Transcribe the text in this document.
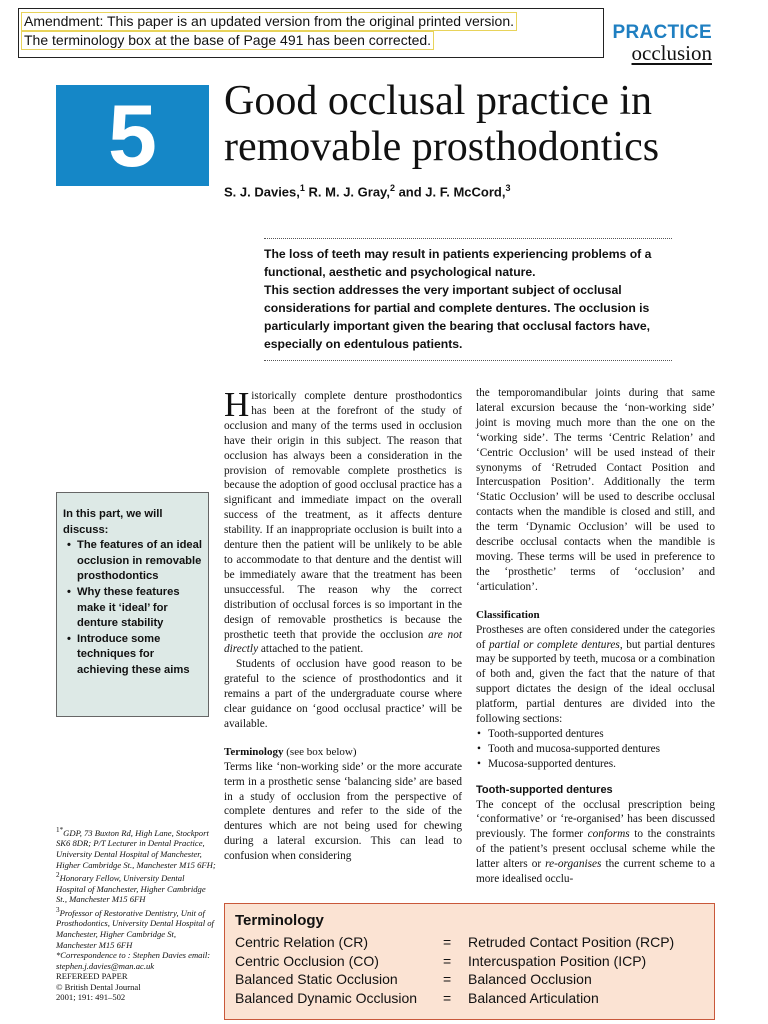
Amendment: This paper is an updated version from the original printed version.
The terminology box at the base of Page 491 has been corrected.	PRACTICE
occlusion
5 Good occlusal practice in removable prosthodontics
S. J. Davies,$^1$ R. M. J. Gray,$^2$ and J. F. McCord,$^3$

The loss of teeth may result in patients experiencing problems of a functional, aesthetic and psychological nature.

This section addresses the very important subject of occlusal considerations for partial and complete dentures. The occlusion is particularly important given the bearing that occlusal factors have, especially on edentulous patients.

In this part, we will discuss:
• The features of an ideal occlusion in removable prosthodontics
• Why these features make it ‘ideal’ for denture stability
• Introduce some techniques for achieving these aims
$^{1*}$GDP, 73 Buxton Rd, High Lane, Stockport SK6 8DR; P/T Lecturer in Dental Practice, University Dental Hospital of Manchester, Higher Cambridge St., Manchester M15 6FH;
$^2$Honorary Fellow, University Dental Hospital of Manchester, Higher Cambridge St., Manchester M15 6FH
$^3$Professor of Restorative Dentistry, Unit of Prosthodontics, University Dental Hospital of Manchester, Higher Cambridge St, Manchester M15 6FH
*Correspondence to : Stephen Davies email: stephen.j.davies@man.ac.uk
REFEREED PAPER
© British Dental Journal
2001; 191: 491–502

Historically complete denture prosthodontics has been at the forefront of the study of occlusion and many of the terms used in occlusion have their origin in this subject. The reason that occlusion has always been a consideration in the provision of removable complete prosthetics is because the adoption of good occlusal practice has a significant and immediate impact on the overall success of the treatment, as it affects denture stability. If an inappropriate occlusion is built into a denture then the patient will be unlikely to be able to accommodate to that denture and the dentist will be immediately aware that the treatment has been unsuccessful. The reason why the correct distribution of occlusal forces is so important in the design of removable prosthetics is because the prosthetic teeth that provide the occlusion are not directly attached to the patient.

Students of occlusion have good reason to be grateful to the science of prosthodontics and it remains a part of the undergraduate course where clear guidance on ‘good occlusal practice’ will be available.

Terminology (see box below)

Terms like ‘non-working side’ or the more accurate term in a prosthetic sense ‘balancing side’ are based in a study of occlusion from the perspective of complete dentures and refer to the side of the dentures which are not being used for chewing during a lateral excursion. This can lead to confusion when considering

the temporomandibular joints during that same lateral excursion because the ‘non-working side’ joint is moving much more than the one on the ‘working side’. The terms ‘Centric Relation’ and ‘Centric Occlusion’ will be used instead of their synonyms of ‘Retruded Contact Position and Intercuspation Position’. Additionally the term ‘Static Occlusion’ will be used to describe occlusal contacts when the mandible is closed and still, and the term ‘Dynamic Occlusion’ will be used to describe occlusal contacts when the mandible is moving. These terms will be used in preference to the ‘prosthetic’ terms of ‘occlusion’ and ‘articulation’.

Classification

Prostheses are often considered under the categories of partial or complete dentures, but partial dentures may be supported by teeth, mucosa or a combination of both and, given the fact that the nature of that support dictates the design of the ideal occlusal platform, partial dentures are divided into the following sections:

• Tooth-supported dentures
• Tooth and mucosa-supported dentures
• Mucosa-supported dentures.

Tooth-supported dentures

The concept of the occlusal prescription being ‘conformative’ or ‘re-organised’ has been discussed previously. The former conforms to the constraints of the patient’s present occlusal scheme while the latter alters or re-organises the current scheme to a more idealised occlu-

Terminology
Centric Relation (CR)	= Retruded Contact Position (RCP)
Centric Occlusion (CO)	= Intercuspation Position (ICP)
Balanced Static Occlusion	= Balanced Occlusion
Balanced Dynamic Occlusion = Balanced Articulation
